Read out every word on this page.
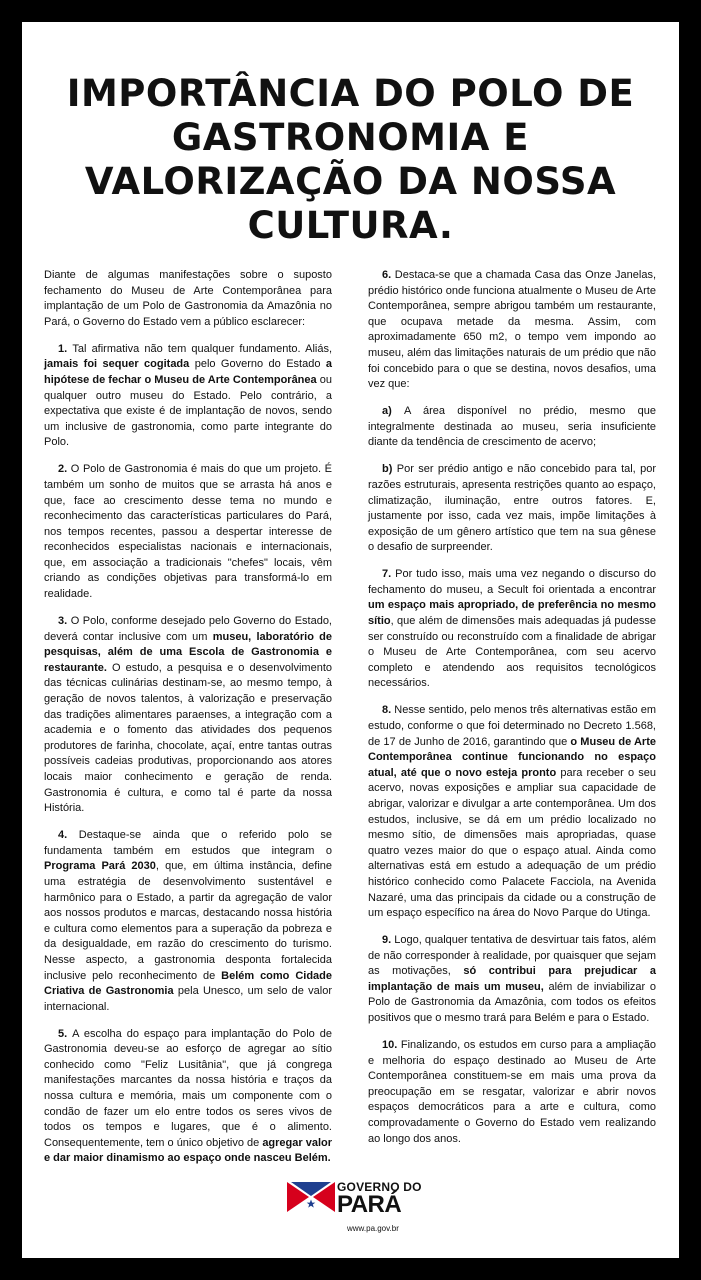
IMPORTÂNCIA DO POLO DE GASTRONOMIA E VALORIZAÇÃO DA NOSSA CULTURA.

Diante de algumas manifestações sobre o suposto fechamento do Museu de Arte Contemporânea para implantação de um Polo de Gastronomia da Amazônia no Pará, o Governo do Estado vem a público esclarecer:

1. Tal afirmativa não tem qualquer fundamento. Aliás, jamais foi sequer cogitada pelo Governo do Estado a hipótese de fechar o Museu de Arte Contemporânea ou qualquer outro museu do Estado. Pelo contrário, a expectativa que existe é de implantação de novos, sendo um inclusive de gastronomia, como parte integrante do Polo.

2. O Polo de Gastronomia é mais do que um projeto. É também um sonho de muitos que se arrasta há anos e que, face ao crescimento desse tema no mundo e reconhecimento das características particulares do Pará, nos tempos recentes, passou a despertar interesse de reconhecidos especialistas nacionais e internacionais, que, em associação a tradicionais "chefes" locais, vêm criando as condições objetivas para transformá-lo em realidade.

3. O Polo, conforme desejado pelo Governo do Estado, deverá contar inclusive com um museu, laboratório de pesquisas, além de uma Escola de Gastronomia e restaurante. O estudo, a pesquisa e o desenvolvimento das técnicas culinárias destinam-se, ao mesmo tempo, à geração de novos talentos, à valorização e preservação das tradições alimentares paraenses, a integração com a academia e o fomento das atividades dos pequenos produtores de farinha, chocolate, açaí, entre tantas outras possíveis cadeias produtivas, proporcionando aos atores locais maior conhecimento e geração de renda. Gastronomia é cultura, e como tal é parte da nossa História.

4. Destaque-se ainda que o referido polo se fundamenta também em estudos que integram o Programa Pará 2030, que, em última instância, define uma estratégia de desenvolvimento sustentável e harmônico para o Estado, a partir da agregação de valor aos nossos produtos e marcas, destacando nossa história e cultura como elementos para a superação da pobreza e da desigualdade, em razão do crescimento do turismo. Nesse aspecto, a gastronomia desponta fortalecida inclusive pelo reconhecimento de Belém como Cidade Criativa de Gastronomia pela Unesco, um selo de valor internacional.

5. A escolha do espaço para implantação do Polo de Gastronomia deveu-se ao esforço de agregar ao sítio conhecido como "Feliz Lusitânia", que já congrega manifestações marcantes da nossa história e traços da nossa cultura e memória, mais um componente com o condão de fazer um elo entre todos os seres vivos de todos os tempos e lugares, que é o alimento. Consequentemente, tem o único objetivo de agregar valor e dar maior dinamismo ao espaço onde nasceu Belém.

6. Destaca-se que a chamada Casa das Onze Janelas, prédio histórico onde funciona atualmente o Museu de Arte Contemporânea, sempre abrigou também um restaurante, que ocupava metade da mesma. Assim, com aproximadamente 650 m2, o tempo vem impondo ao museu, além das limitações naturais de um prédio que não foi concebido para o que se destina, novos desafios, uma vez que:

a) A área disponível no prédio, mesmo que integralmente destinada ao museu, seria insuficiente diante da tendência de crescimento de acervo;

b) Por ser prédio antigo e não concebido para tal, por razões estruturais, apresenta restrições quanto ao espaço, climatização, iluminação, entre outros fatores. E, justamente por isso, cada vez mais, impõe limitações à exposição de um gênero artístico que tem na sua gênese o desafio de surpreender.

7. Por tudo isso, mais uma vez negando o discurso do fechamento do museu, a Secult foi orientada a encontrar um espaço mais apropriado, de preferência no mesmo sítio, que além de dimensões mais adequadas já pudesse ser construído ou reconstruído com a finalidade de abrigar o Museu de Arte Contemporânea, com seu acervo completo e atendendo aos requisitos tecnológicos necessários.

8. Nesse sentido, pelo menos três alternativas estão em estudo, conforme o que foi determinado no Decreto 1.568, de 17 de Junho de 2016, garantindo que o Museu de Arte Contemporânea continue funcionando no espaço atual, até que o novo esteja pronto para receber o seu acervo, novas exposições e ampliar sua capacidade de abrigar, valorizar e divulgar a arte contemporânea. Um dos estudos, inclusive, se dá em um prédio localizado no mesmo sítio, de dimensões mais apropriadas, quase quatro vezes maior do que o espaço atual. Ainda como alternativas está em estudo a adequação de um prédio histórico conhecido como Palacete Facciola, na Avenida Nazaré, uma das principais da cidade ou a construção de um espaço específico na área do Novo Parque do Utinga.

9. Logo, qualquer tentativa de desvirtuar tais fatos, além de não corresponder à realidade, por quaisquer que sejam as motivações, só contribui para prejudicar a implantação de mais um museu, além de inviabilizar o Polo de Gastronomia da Amazônia, com todos os efeitos positivos que o mesmo trará para Belém e para o Estado.

10. Finalizando, os estudos em curso para a ampliação e melhoria do espaço destinado ao Museu de Arte Contemporânea constituem-se em mais uma prova da preocupação em se resgatar, valorizar e abrir novos espaços democráticos para a arte e cultura, como comprovadamente o Governo do Estado vem realizando ao longo dos anos.

GOVERNO DO
PARÁ
www.pa.gov.br
